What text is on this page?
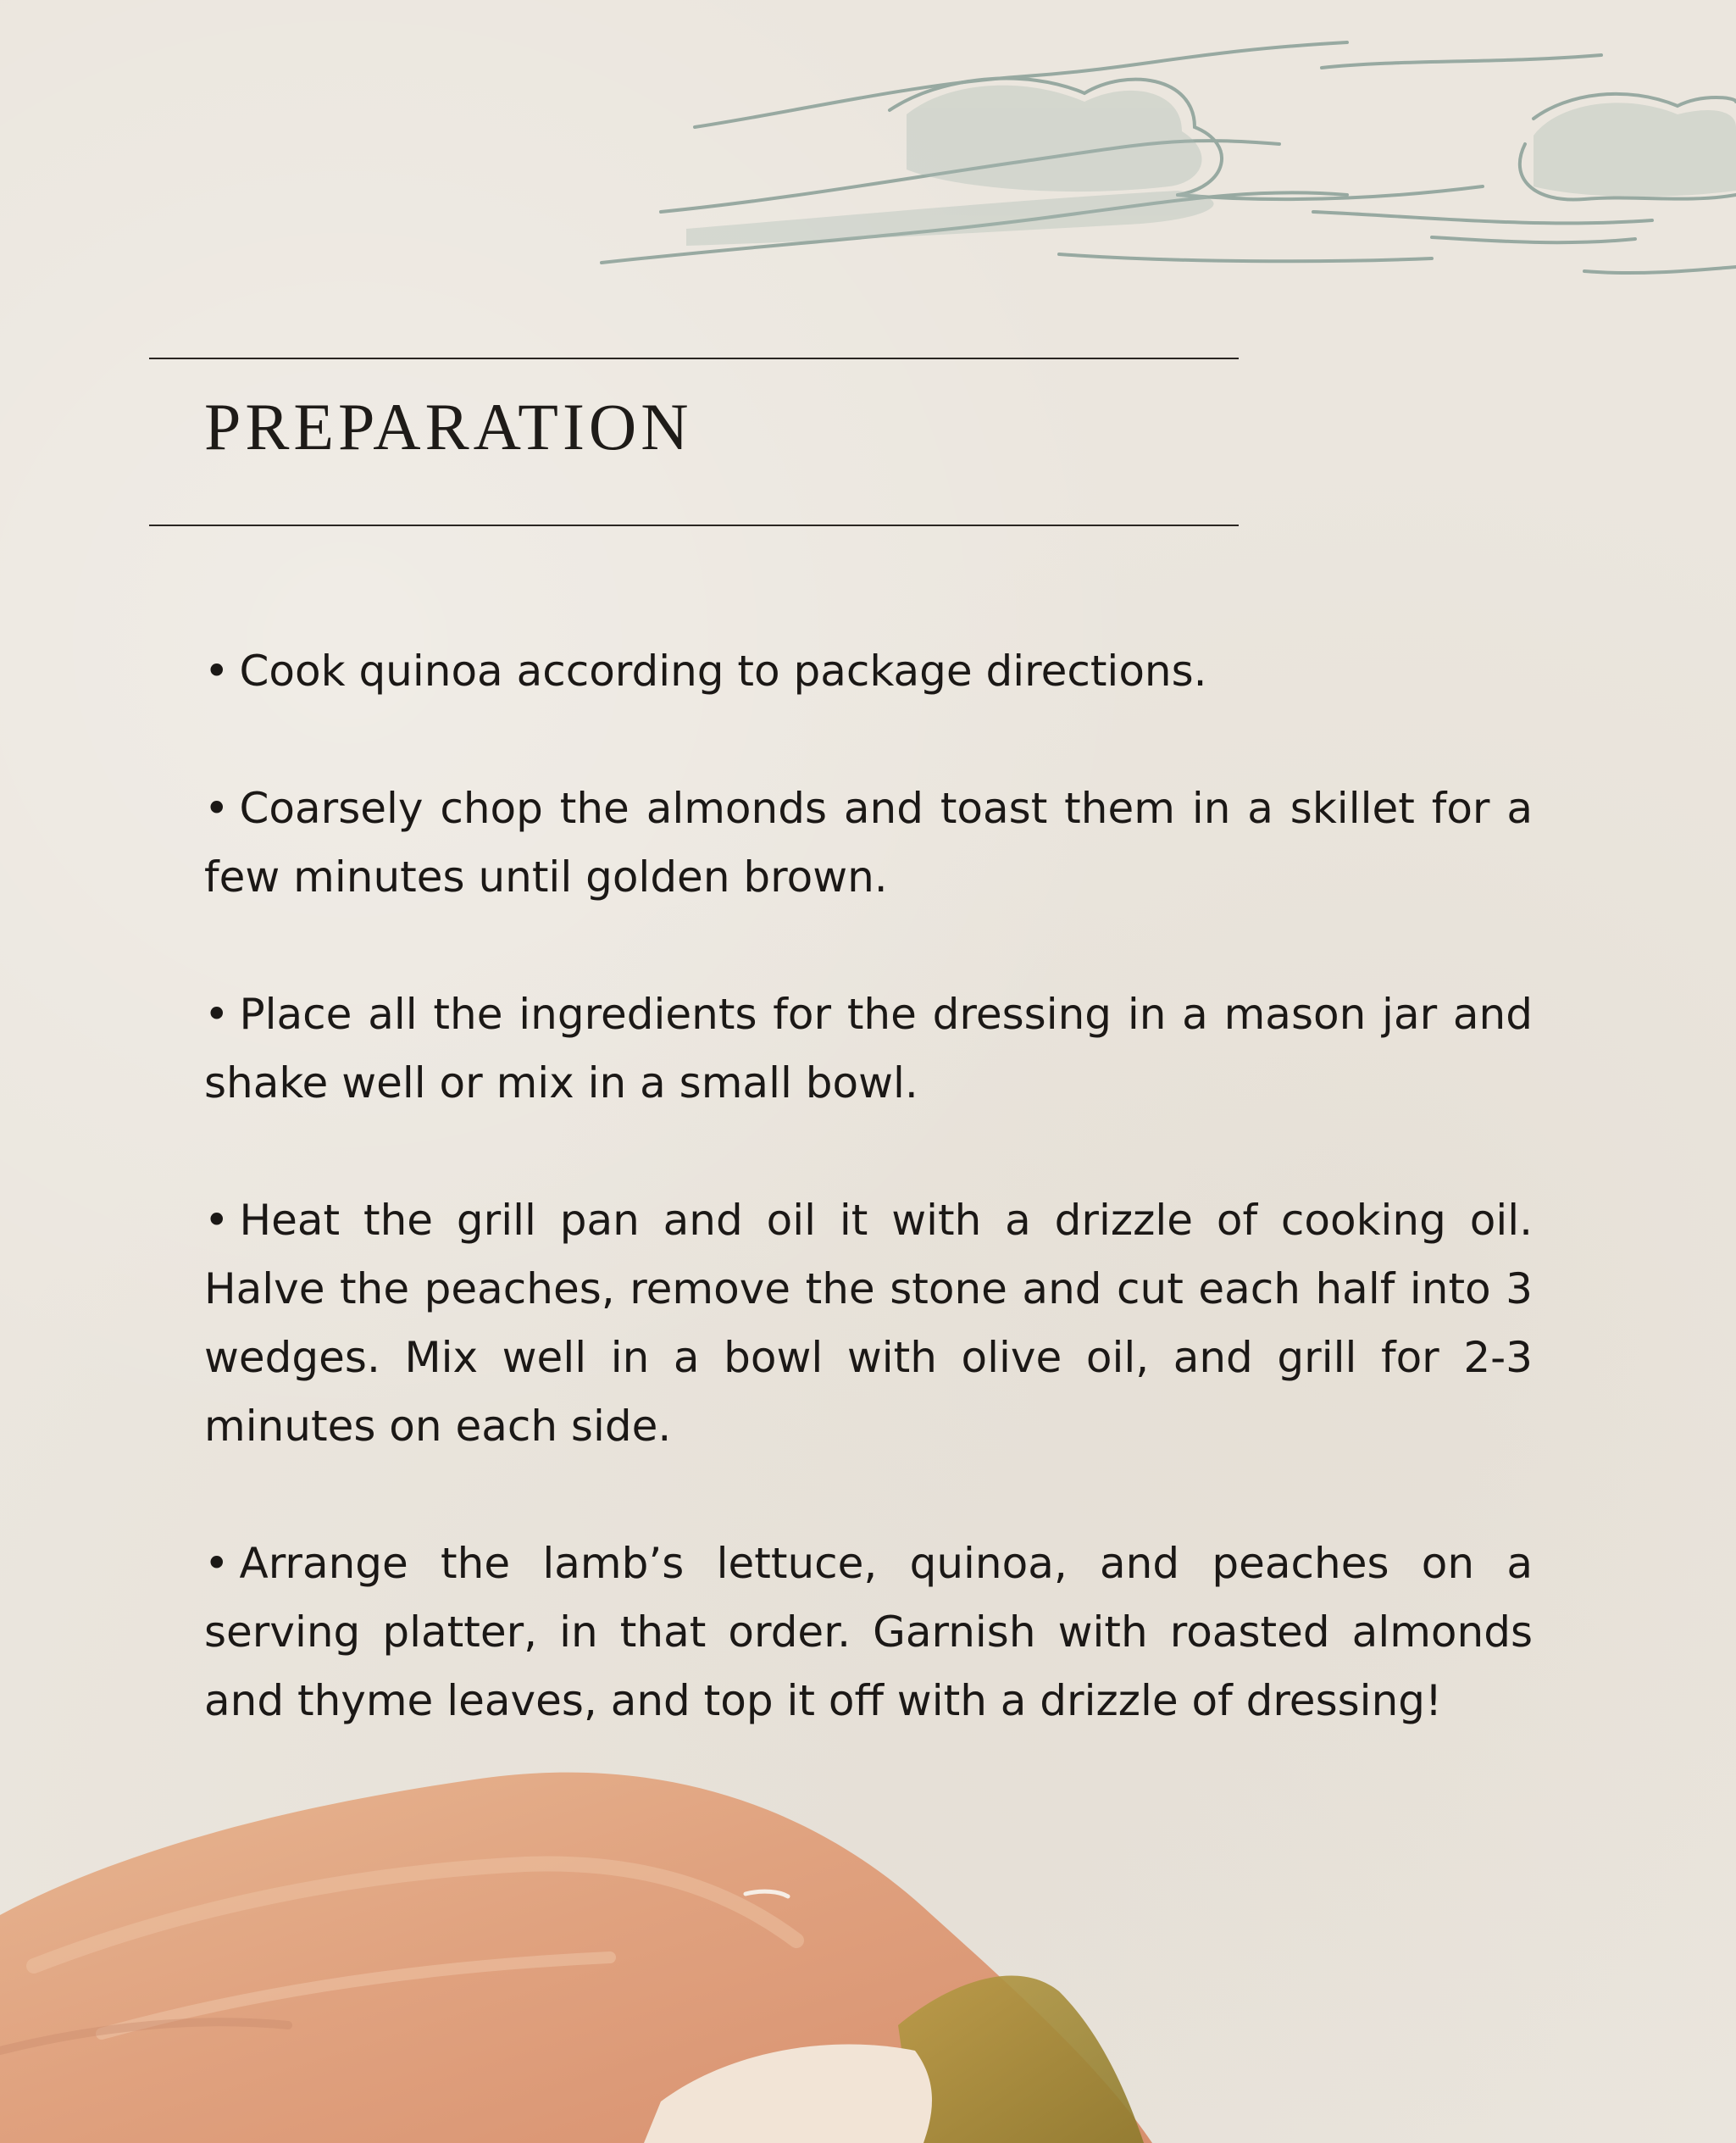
PREPARATION
• Cook quinoa according to package directions.
• Coarsely chop the almonds and toast them in a skillet for a few minutes until golden brown.
• Place all the ingredients for the dressing in a mason jar and shake well or mix in a small bowl.
• Heat the grill pan and oil it with a drizzle of cooking oil. Halve the peaches, remove the stone and cut each half into 3 wedges. Mix well in a bowl with olive oil, and grill for 2-3 minutes on each side.
• Arrange the lamb’s lettuce, quinoa, and peaches on a serving platter, in that order. Garnish with roasted almonds and thyme leaves, and top it off with a drizzle of dressing!
